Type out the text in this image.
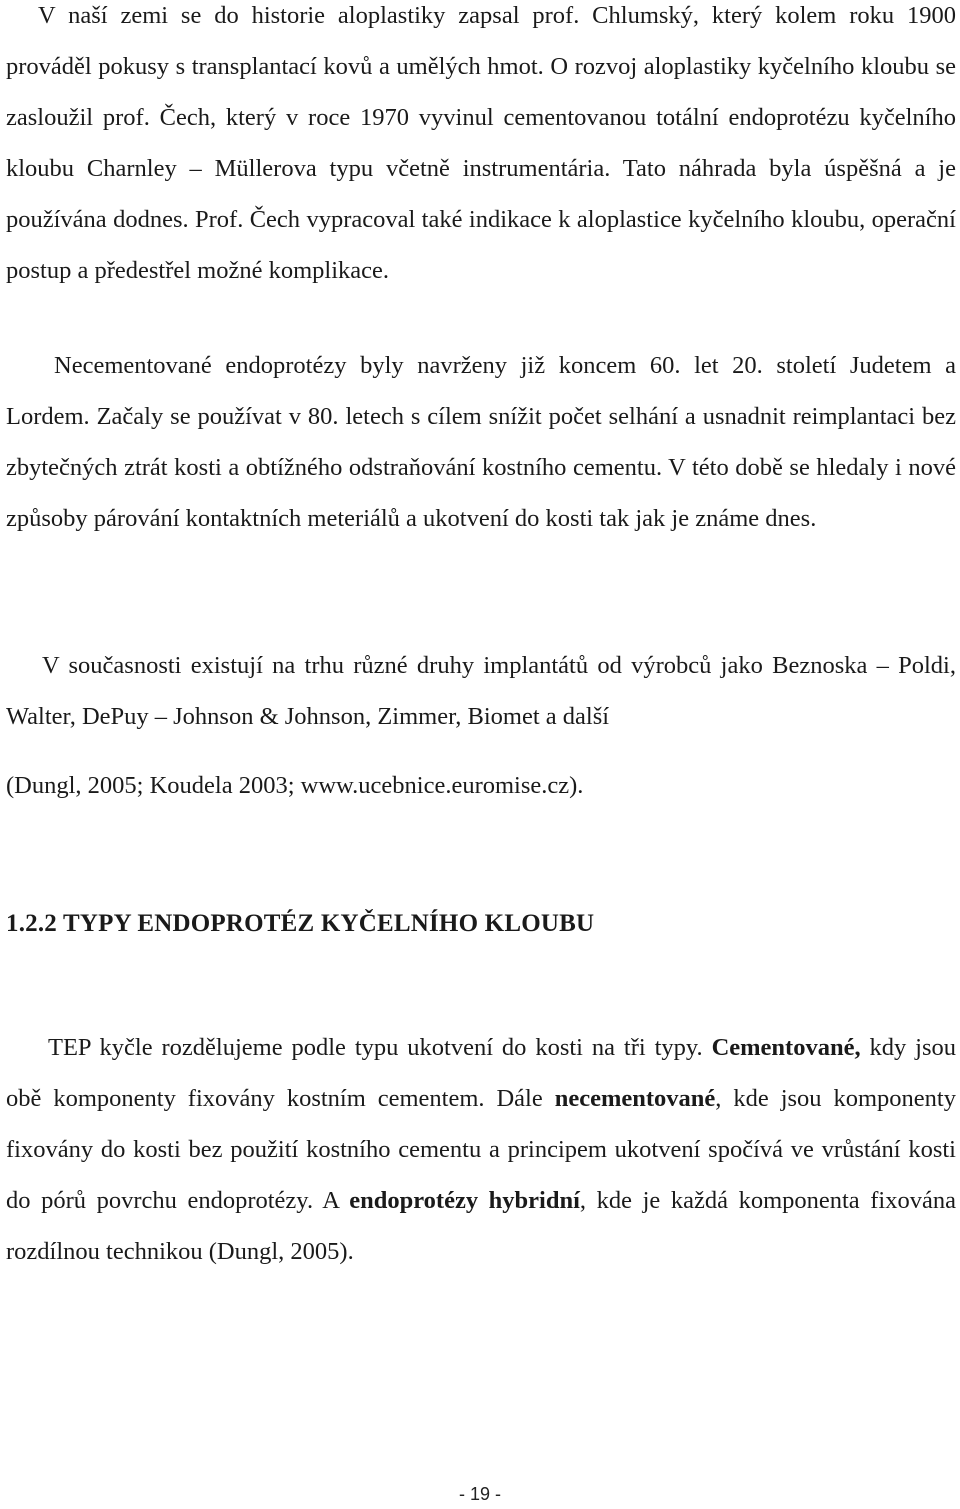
V naší zemi se do historie aloplastiky zapsal prof. Chlumský, který kolem roku 1900 prováděl pokusy s transplantací kovů a umělých hmot. O rozvoj aloplastiky kyčelního kloubu se zasloužil prof. Čech, který v roce 1970 vyvinul cementovanou totální endoprotézu kyčelního kloubu Charnley – Müllerova typu včetně instrumentária. Tato náhrada byla úspěšná a je používána dodnes. Prof. Čech vypracoval také indikace k aloplastice kyčelního kloubu, operační postup a předestřel možné komplikace.

Necementované endoprotézy byly navrženy již koncem 60. let 20. století Judetem a Lordem. Začaly se používat v 80. letech s cílem snížit počet selhání a usnadnit reimplantaci bez zbytečných ztrát kosti a obtížného odstraňování kostního cementu. V této době se hledaly i nové způsoby párování kontaktních meteriálů a ukotvení do kosti tak jak je známe dnes.

V současnosti existují na trhu různé druhy implantátů od výrobců jako Beznoska – Poldi, Walter, DePuy – Johnson & Johnson, Zimmer, Biomet a další

(Dungl, 2005; Koudela 2003; www.ucebnice.euromise.cz).

1.2.2 TYPY ENDOPROTÉZ KYČELNÍHO KLOUBU

TEP kyčle rozdělujeme podle typu ukotvení do kosti na tři typy. Cementované, kdy jsou obě komponenty fixovány kostním cementem. Dále necementované, kde jsou komponenty fixovány do kosti bez použití kostního cementu a principem ukotvení spočívá ve vrůstání kosti do pórů povrchu endoprotézy. A endoprotézy hybridní, kde je každá komponenta fixována rozdílnou technikou (Dungl, 2005).

- 19 -
